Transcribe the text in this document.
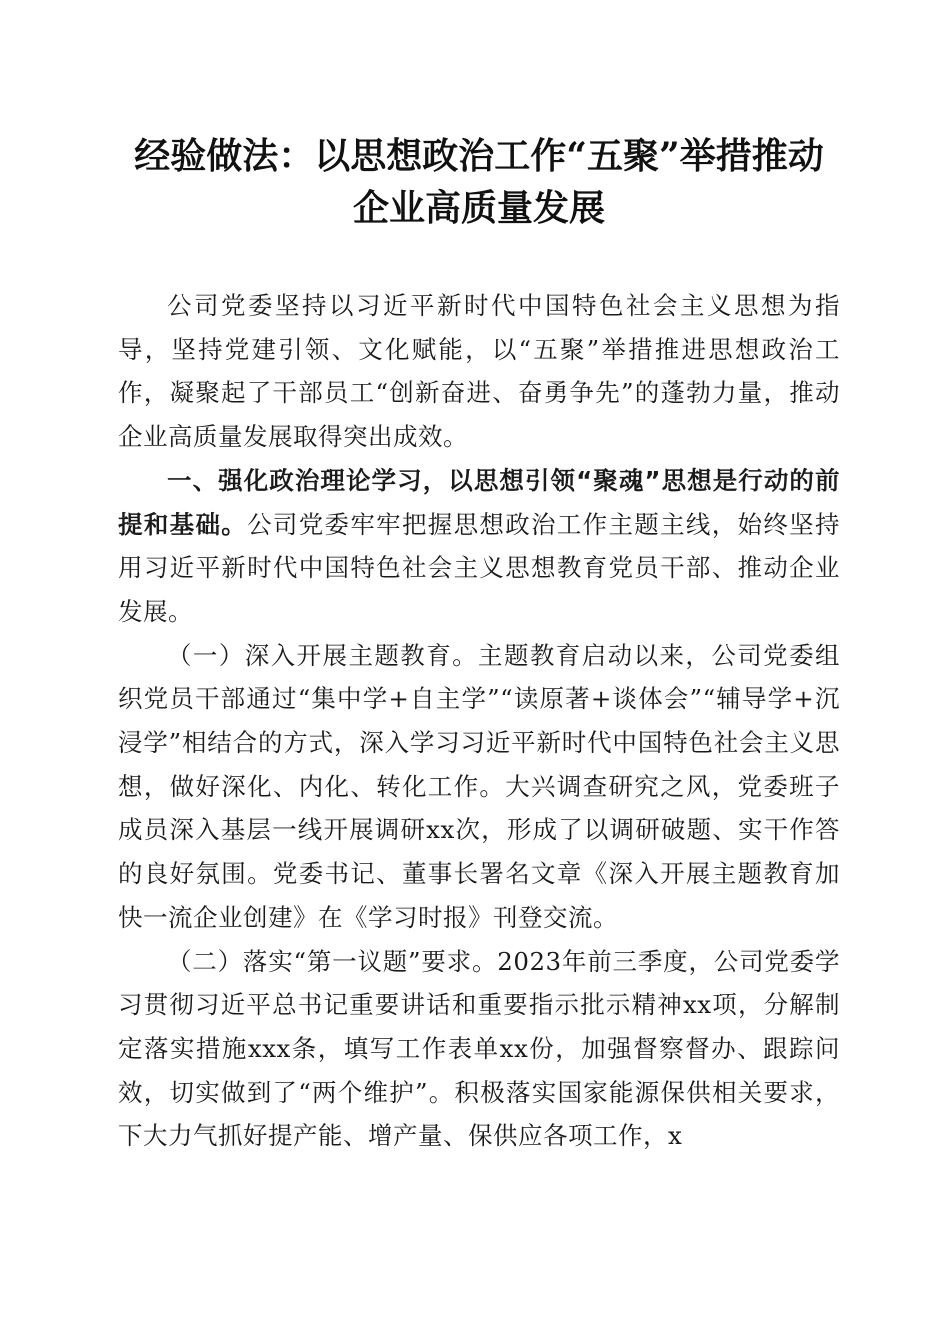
经验做法：以思想政治工作“五聚”举措推动
企业高质量发展

公司党委坚持以习近平新时代中国特色社会主义思想为指导，坚持党建引领、文化赋能，以“五聚”举措推进思想政治工作，凝聚起了干部员工“创新奋进、奋勇争先”的蓬勃力量，推动企业高质量发展取得突出成效。

一、强化政治理论学习，以思想引领“聚魂”思想是行动的前提和基础。公司党委牢牢把握思想政治工作主题主线，始终坚持用习近平新时代中国特色社会主义思想教育党员干部、推动企业发展。

（一）深入开展主题教育。主题教育启动以来，公司党委组织党员干部通过“集中学+自主学”“读原著+谈体会”“辅导学+沉浸学”相结合的方式，深入学习习近平新时代中国特色社会主义思想，做好深化、内化、转化工作。大兴调查研究之风，党委班子成员深入基层一线开展调研xx次，形成了以调研破题、实干作答的良好氛围。党委书记、董事长署名文章《深入开展主题教育加快一流企业创建》在《学习时报》刊登交流。

（二）落实“第一议题”要求。2023年前三季度，公司党委学习贯彻习近平总书记重要讲话和重要指示批示精神xx项，分解制定落实措施xxx条，填写工作表单xx份，加强督察督办、跟踪问效，切实做到了“两个维护”。积极落实国家能源保供相关要求，下大力气抓好提产能、增产量、保供应各项工作，x
